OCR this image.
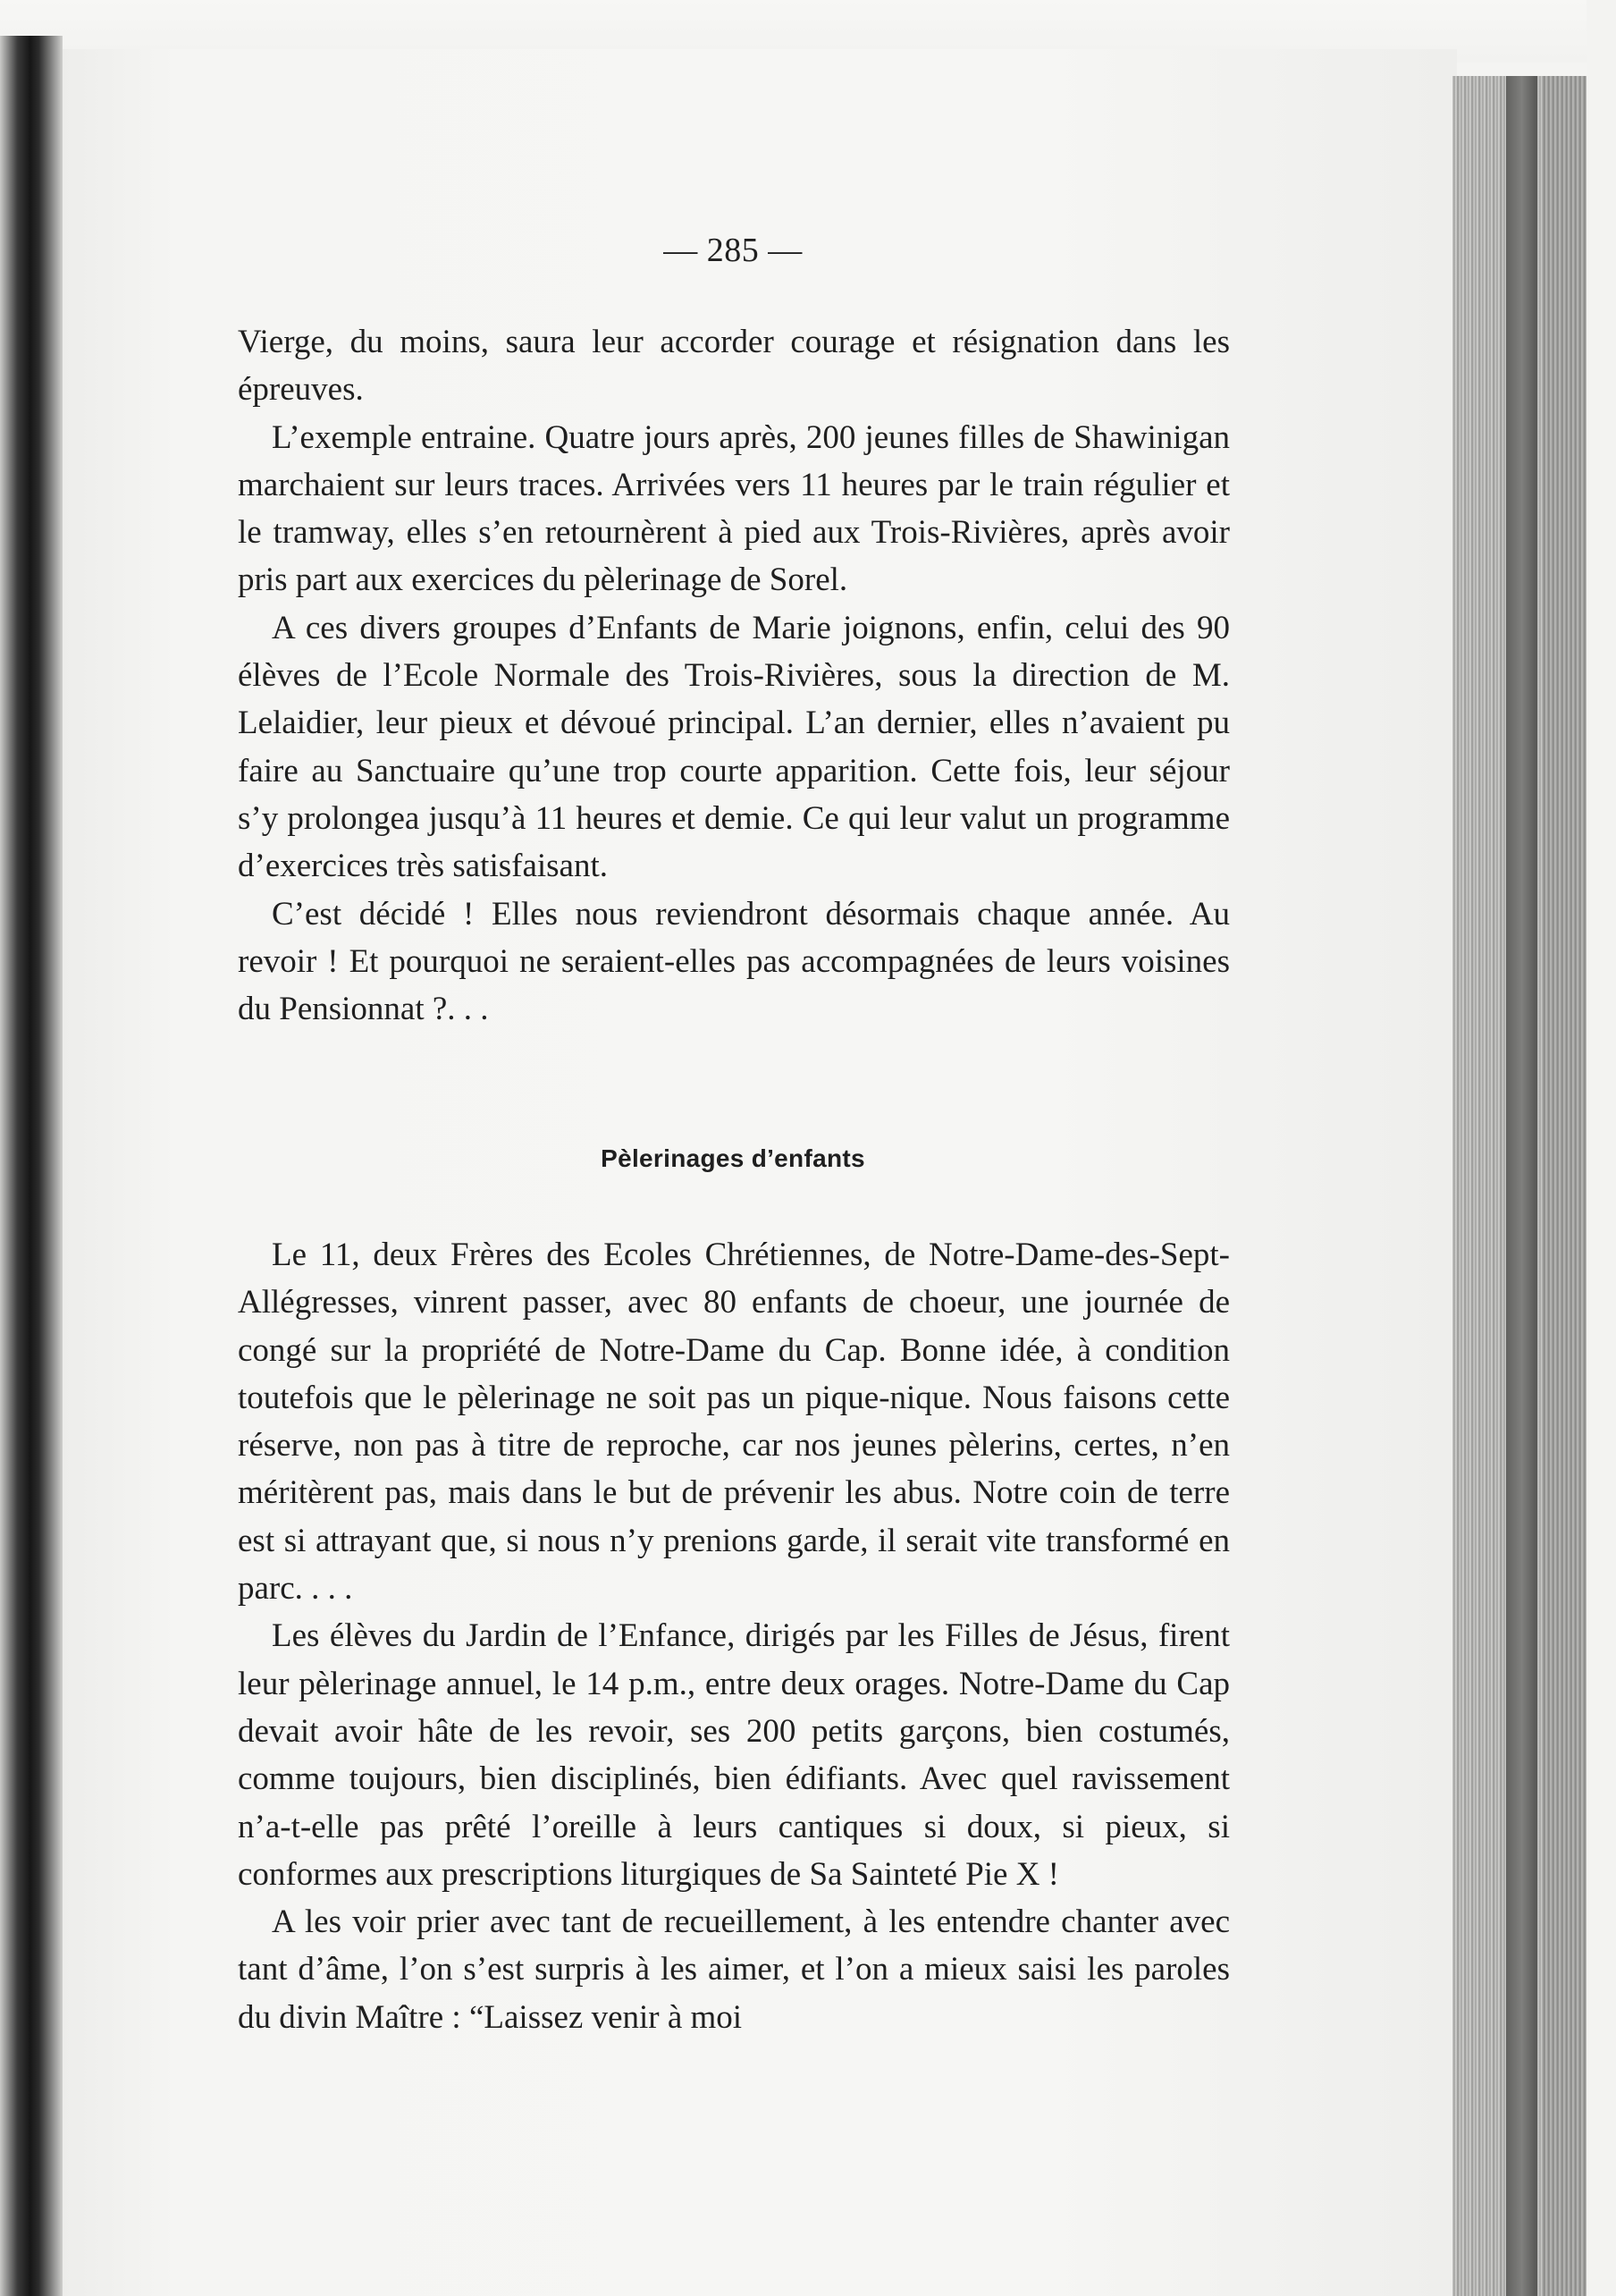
— 285 —

Vierge, du moins, saura leur accorder courage et résignation dans les épreuves.

L’exemple entraine. Quatre jours après, 200 jeunes filles de Shawinigan marchaient sur leurs traces. Arrivées vers 11 heures par le train régulier et le tramway, elles s’en retournèrent à pied aux Trois-Rivières, après avoir pris part aux exercices du pèlerinage de Sorel.

A ces divers groupes d’Enfants de Marie joignons, enfin, celui des 90 élèves de l’Ecole Normale des Trois-Rivières, sous la direction de M. Lelaidier, leur pieux et dévoué principal. L’an dernier, elles n’avaient pu faire au Sanctuaire qu’une trop courte apparition. Cette fois, leur séjour s’y prolongea jusqu’à 11 heures et demie. Ce qui leur valut un programme d’exercices très satisfaisant.

C’est décidé ! Elles nous reviendront désormais chaque année. Au revoir ! Et pourquoi ne seraient-elles pas accompagnées de leurs voisines du Pensionnat ?. . .

Pèlerinages d’enfants

Le 11, deux Frères des Ecoles Chrétiennes, de Notre-Dame-des-Sept-Allégresses, vinrent passer, avec 80 enfants de choeur, une journée de congé sur la propriété de Notre-Dame du Cap. Bonne idée, à condition toutefois que le pèlerinage ne soit pas un pique-nique. Nous faisons cette réserve, non pas à titre de reproche, car nos jeunes pèlerins, certes, n’en méritèrent pas, mais dans le but de prévenir les abus. Notre coin de terre est si attrayant que, si nous n’y prenions garde, il serait vite transformé en parc. . . .

Les élèves du Jardin de l’Enfance, dirigés par les Filles de Jésus, firent leur pèlerinage annuel, le 14 p.m., entre deux orages. Notre-Dame du Cap devait avoir hâte de les revoir, ses 200 petits garçons, bien costumés, comme toujours, bien disciplinés, bien édifiants. Avec quel ravissement n’a-t-elle pas prêté l’oreille à leurs cantiques si doux, si pieux, si conformes aux prescriptions liturgiques de Sa Sainteté Pie X !

A les voir prier avec tant de recueillement, à les entendre chanter avec tant d’âme, l’on s’est surpris à les aimer, et l’on a mieux saisi les paroles du divin Maître : “Laissez venir à moi
